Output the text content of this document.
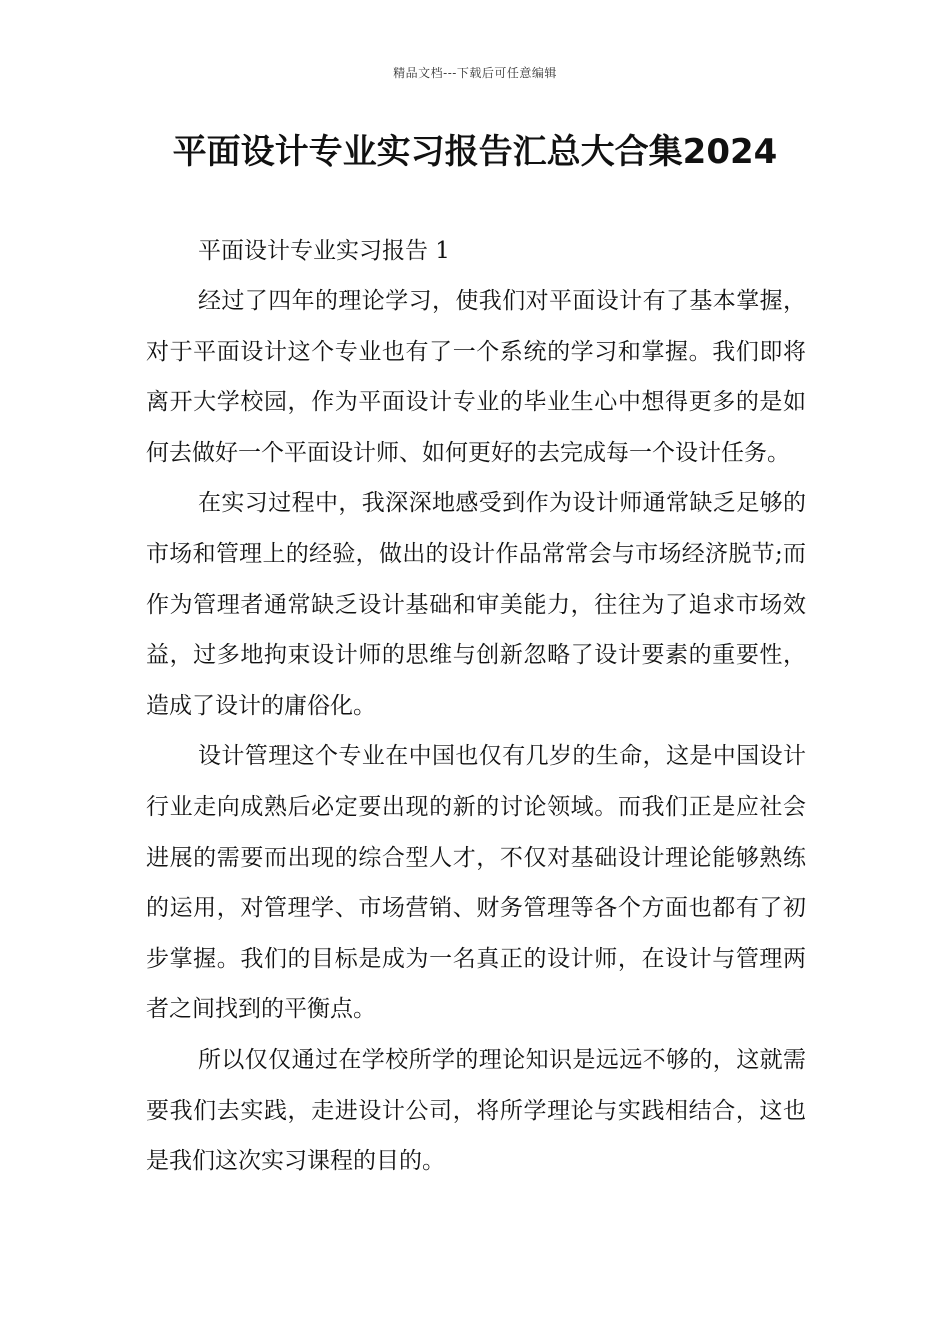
精品文档---下载后可任意编辑
平面设计专业实习报告汇总大合集2024

平面设计专业实习报告 1

经过了四年的理论学习，使我们对平面设计有了基本掌握，对于平面设计这个专业也有了一个系统的学习和掌握。我们即将离开大学校园，作为平面设计专业的毕业生心中想得更多的是如何去做好一个平面设计师、如何更好的去完成每一个设计任务。

在实习过程中，我深深地感受到作为设计师通常缺乏足够的市场和管理上的经验，做出的设计作品常常会与市场经济脱节;而作为管理者通常缺乏设计基础和审美能力，往往为了追求市场效益，过多地拘束设计师的思维与创新忽略了设计要素的重要性，造成了设计的庸俗化。

设计管理这个专业在中国也仅有几岁的生命，这是中国设计行业走向成熟后必定要出现的新的讨论领域。而我们正是应社会进展的需要而出现的综合型人才，不仅对基础设计理论能够熟练的运用，对管理学、市场营销、财务管理等各个方面也都有了初步掌握。我们的目标是成为一名真正的设计师，在设计与管理两者之间找到的平衡点。

所以仅仅通过在学校所学的理论知识是远远不够的，这就需要我们去实践，走进设计公司，将所学理论与实践相结合，这也是我们这次实习课程的目的。
